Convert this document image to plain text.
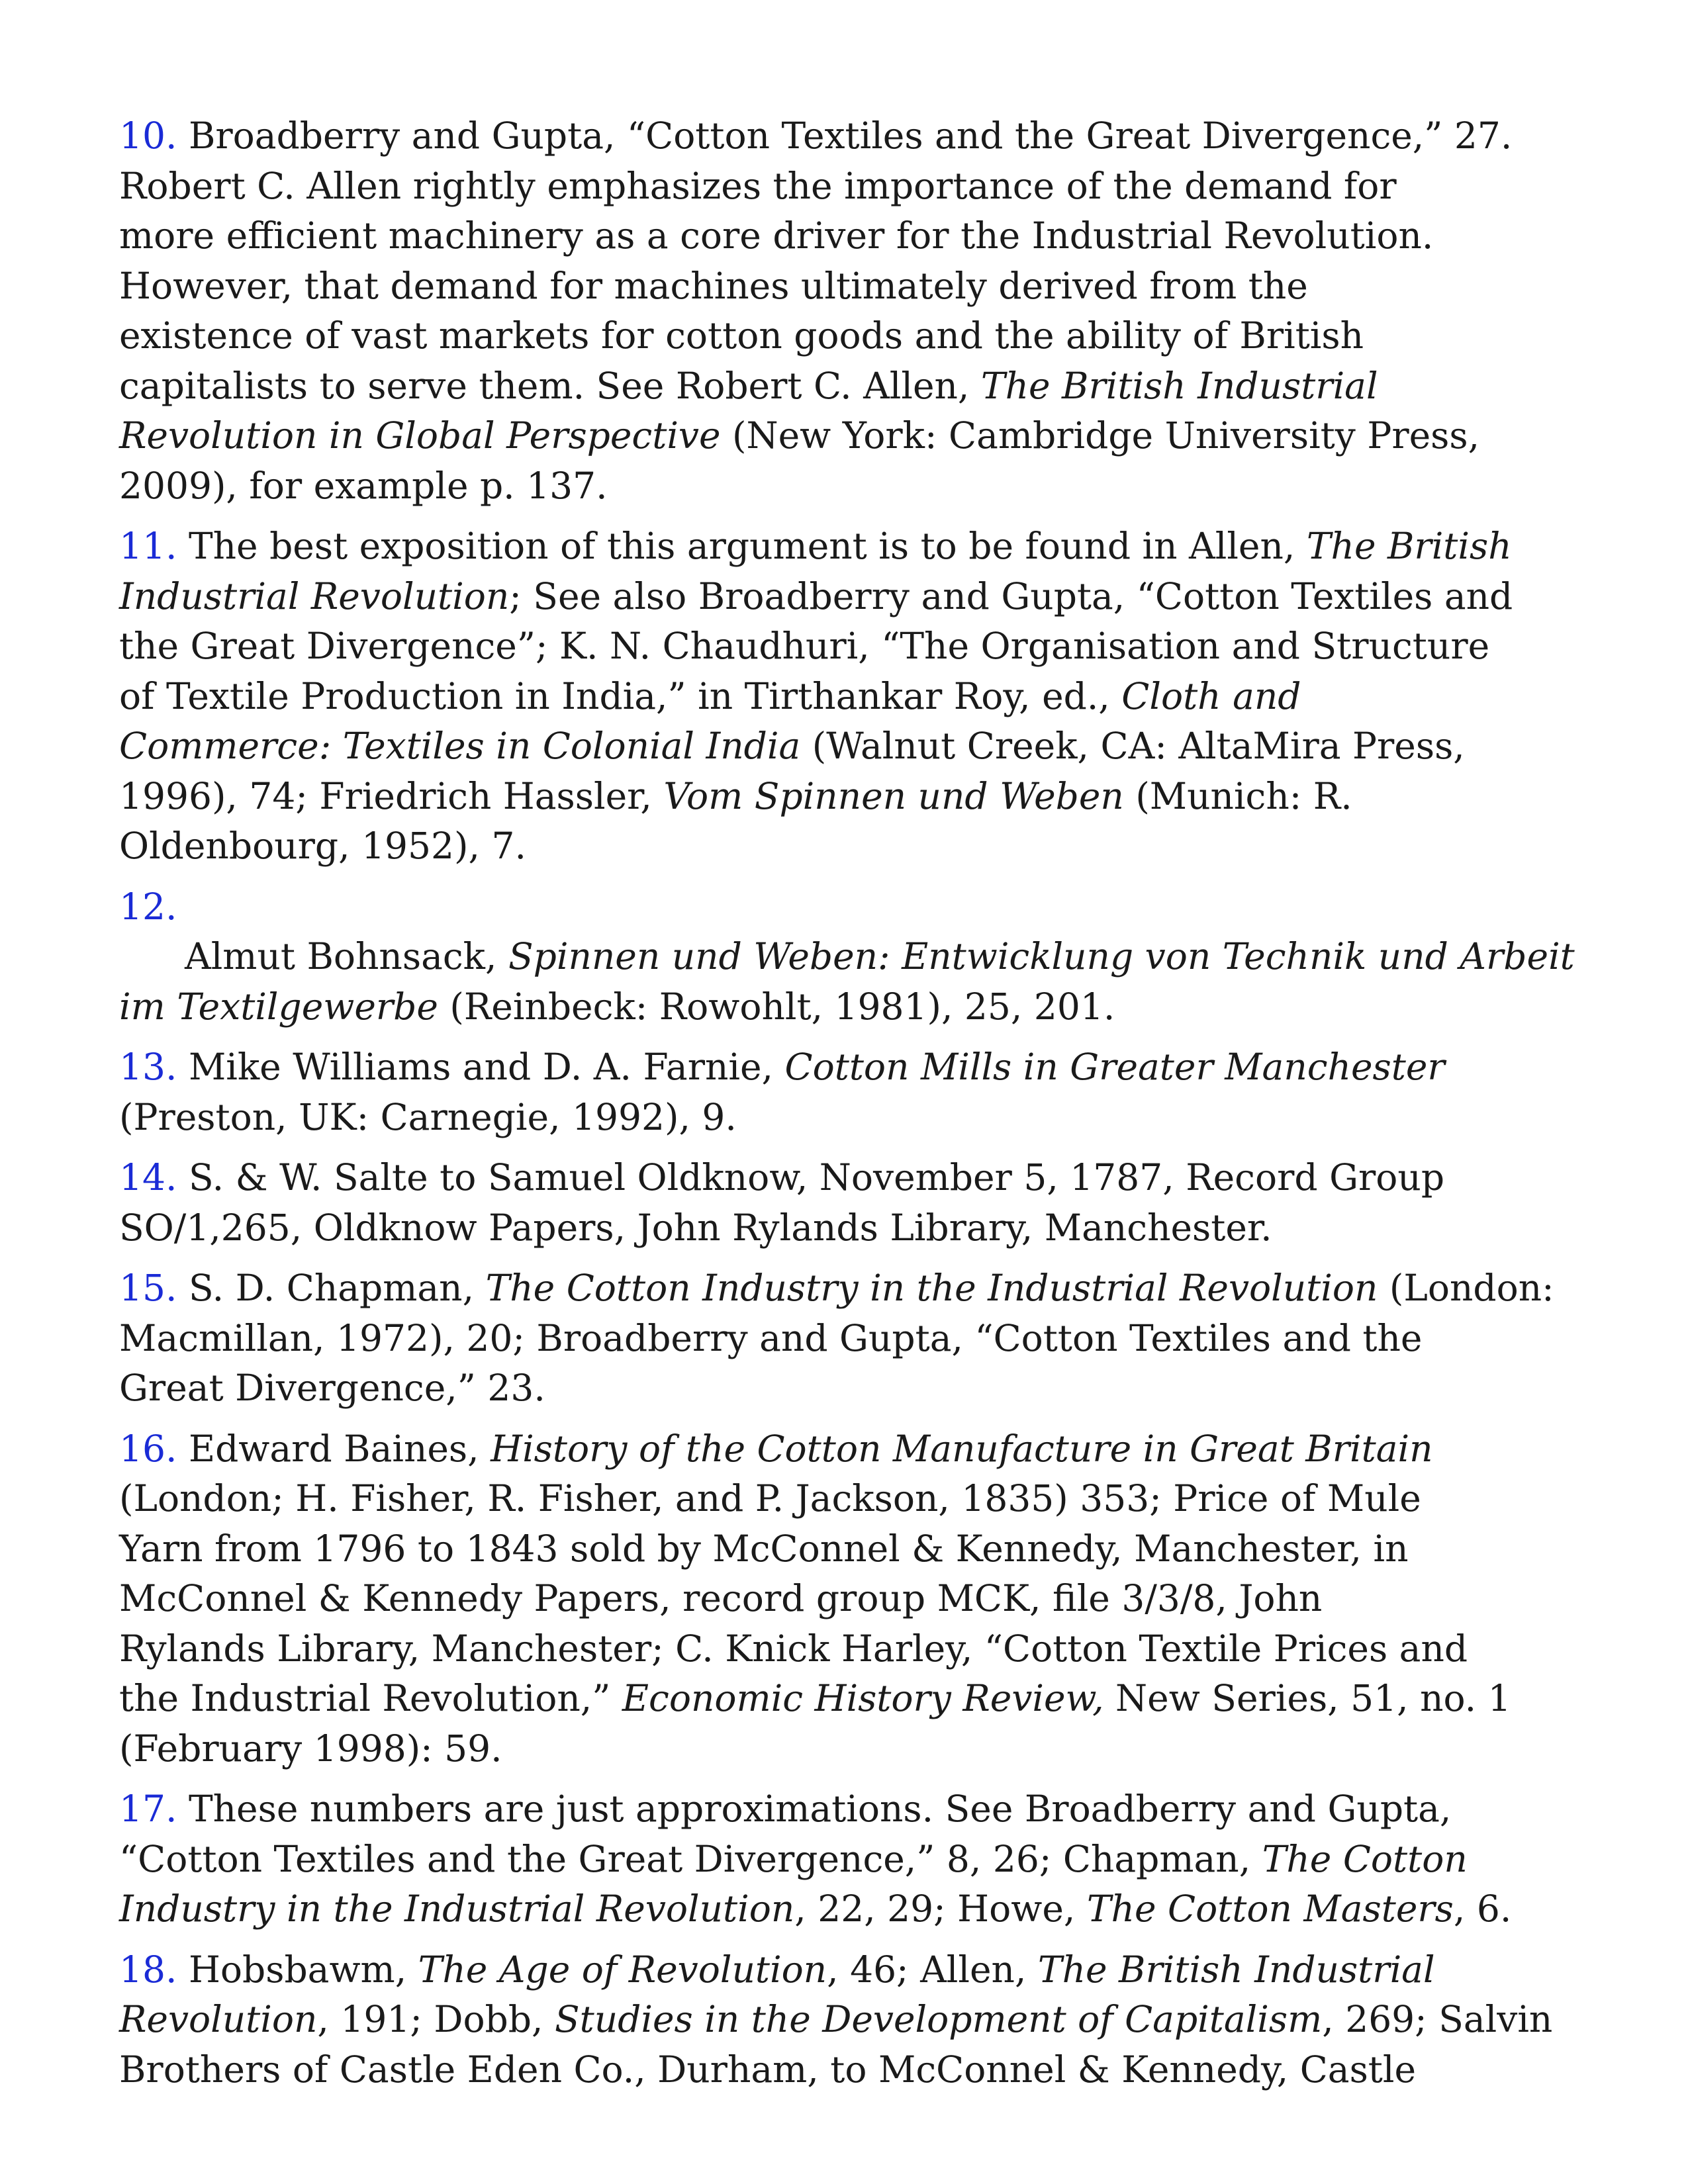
10. Broadberry and Gupta, “Cotton Textiles and the Great Divergence,” 27.

Robert C. Allen rightly emphasizes the importance of the demand for
more efficient machinery as a core driver for the Industrial Revolution.
However, that demand for machines ultimately derived from the
existence of vast markets for cotton goods and the ability of British
capitalists to serve them. See Robert C. Allen, The British Industrial
Revolution in Global Perspective (New York: Cambridge University Press,
2009), for example p. 137.
11. The best exposition of this argument is to be found in Allen, The British

Industrial Revolution; See also Broadberry and Gupta, “Cotton Textiles and
the Great Divergence”; K. N. Chaudhuri, “The Organisation and Structure
of Textile Production in India,” in Tirthankar Roy, ed., Cloth and
Commerce: Textiles in Colonial India (Walnut Creek, CA: AltaMira Press,
1996), 74; Friedrich Hassler, Vom Spinnen und Weben (Munich: R.
Oldenbourg, 1952), 7.
12. Almut Bohnsack, Spinnen und Weben: Entwicklung von Technik und Arbeit

im Textilgewerbe (Reinbeck: Rowohlt, 1981), 25, 201.
13. Mike Williams and D. A. Farnie, Cotton Mills in Greater Manchester

(Preston, UK: Carnegie, 1992), 9.
14. S. & W. Salte to Samuel Oldknow, November 5, 1787, Record Group

SO/1,265, Oldknow Papers, John Rylands Library, Manchester.
15. S. D. Chapman, The Cotton Industry in the Industrial Revolution (London:

Macmillan, 1972), 20; Broadberry and Gupta, “Cotton Textiles and the
Great Divergence,” 23.
16. Edward Baines, History of the Cotton Manufacture in Great Britain

(London; H. Fisher, R. Fisher, and P. Jackson, 1835) 353; Price of Mule
Yarn from 1796 to 1843 sold by McConnel & Kennedy, Manchester, in
McConnel & Kennedy Papers, record group MCK, file 3/3/8, John
Rylands Library, Manchester; C. Knick Harley, “Cotton Textile Prices and
the Industrial Revolution,” Economic History Review, New Series, 51, no. 1
(February 1998): 59.
17. These numbers are just approximations. See Broadberry and Gupta,

“Cotton Textiles and the Great Divergence,” 8, 26; Chapman, The Cotton
Industry in the Industrial Revolution, 22, 29; Howe, The Cotton Masters, 6.
18. Hobsbawm, The Age of Revolution, 46; Allen, The British Industrial

Revolution, 191; Dobb, Studies in the Development of Capitalism, 269; Salvin
Brothers of Castle Eden Co., Durham, to McConnel & Kennedy, Castle
